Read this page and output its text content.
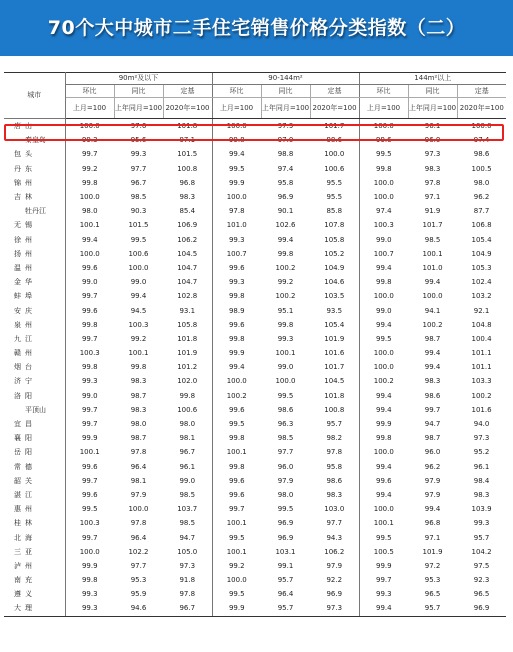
70个大中城市二手住宅销售价格分类指数（二）
城市	90m²及以下			90-144m²			144m²以上		
	环比	同比	定基	环比	同比	定基	环比	同比	定基
	上月=100	上年同月=100	2020年=100	上月=100	上年同月=100	2020年=100	上月=100	上年同月=100	2020年=100
唐山	100.0	97.6	101.8	100.0	97.9	101.7	100.0	96.1	100.0
秦皇岛	99.3	95.6	97.1	99.8	97.0	98.6	99.6	96.0	97.4
包头	99.7	99.3	101.5	99.4	98.8	100.0	99.5	97.3	98.6
丹东	99.2	97.7	100.8	99.5	97.4	100.6	99.8	98.3	100.5
锦州	99.8	96.7	96.8	99.9	95.8	95.5	100.0	97.8	98.0
吉林	100.0	98.5	98.3	100.0	96.9	95.5	100.0	97.1	96.2
牡丹江	98.0	90.3	85.4	97.8	90.1	85.8	97.4	91.9	87.7
无锡	100.1	101.5	106.9	101.0	102.6	107.8	100.3	101.7	106.8
徐州	99.4	99.5	106.2	99.3	99.4	105.8	99.0	98.5	105.4
扬州	100.0	100.6	104.5	100.7	99.8	105.2	100.7	100.1	104.9
温州	99.6	100.0	104.7	99.6	100.2	104.9	99.4	101.0	105.3
金华	99.0	99.0	104.7	99.3	99.2	104.6	99.8	99.4	102.4
蚌埠	99.7	99.4	102.8	99.8	100.2	103.5	100.0	100.0	103.2
安庆	99.6	94.5	93.1	98.9	95.1	93.5	99.0	94.1	92.1
泉州	99.8	100.3	105.8	99.6	99.8	105.4	99.4	100.2	104.8
九江	99.7	99.2	101.8	99.8	99.3	101.9	99.5	98.7	100.4
赣州	100.3	100.1	101.9	99.9	100.1	101.6	100.0	99.4	101.1
烟台	99.8	99.8	101.2	99.4	99.0	101.7	100.0	99.4	101.1
济宁	99.3	98.3	102.0	100.0	100.0	104.5	100.2	98.3	103.3
洛阳	99.0	98.7	99.8	100.2	99.5	101.8	99.4	98.6	100.2
平顶山	99.7	98.3	100.6	99.6	98.6	100.8	99.4	99.7	101.6
宜昌	99.7	98.0	98.0	99.5	96.3	95.7	99.9	94.7	94.0
襄阳	99.9	98.7	98.1	99.8	98.5	98.2	99.8	98.7	97.3
岳阳	100.1	97.8	96.7	100.1	97.7	97.8	100.0	96.0	95.2
常德	99.6	96.4	96.1	99.8	96.0	95.8	99.4	96.2	96.1
韶关	99.7	98.1	99.0	99.6	97.9	98.6	99.6	97.9	98.4
湛江	99.6	97.9	98.5	99.6	98.0	98.3	99.4	97.9	98.3
惠州	99.5	100.0	103.7	99.7	99.5	103.0	100.0	99.4	103.9
桂林	100.3	97.8	98.5	100.1	96.9	97.7	100.1	96.8	99.3
北海	99.7	96.4	94.7	99.5	96.9	94.3	99.5	97.1	95.7
三亚	100.0	102.2	105.0	100.1	103.1	106.2	100.5	101.9	104.2
泸州	99.9	97.7	97.3	99.2	99.1	97.9	99.9	97.2	97.5
南充	99.8	95.3	91.8	100.0	95.7	92.2	99.7	95.3	92.3
遵义	99.3	95.9	97.8	99.5	96.4	96.9	99.3	96.5	96.5
大理	99.3	94.6	96.7	99.9	95.7	97.3	99.4	95.7	96.9
